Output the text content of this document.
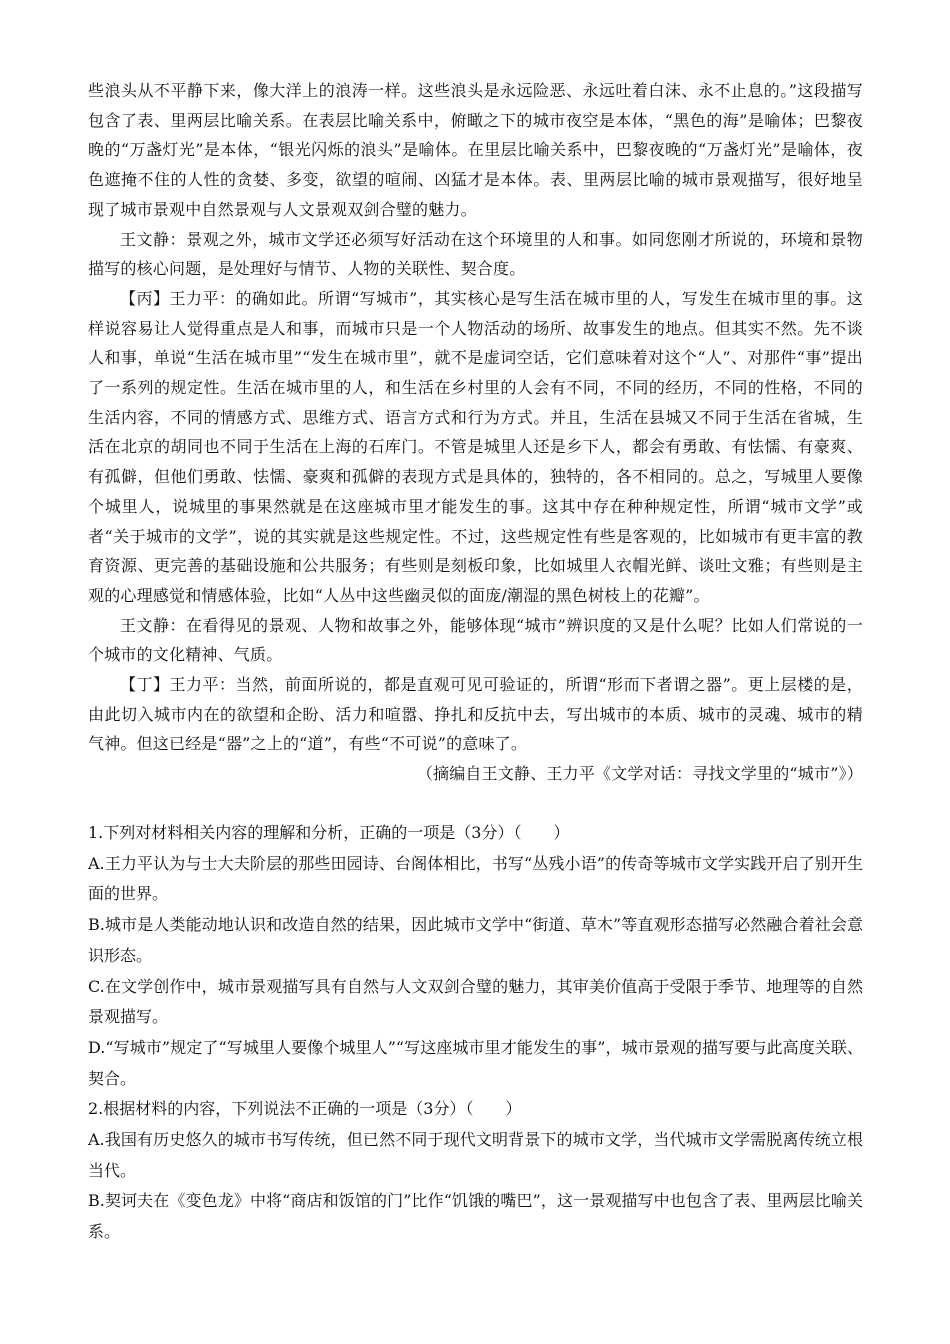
些浪头从不平静下来，像大洋上的浪涛一样。这些浪头是永远险恶、永远吐着白沫、永不止息的。”这段描写包含了表、里两层比喻关系。在表层比喻关系中，俯瞰之下的城市夜空是本体，“黑色的海”是喻体；巴黎夜晚的“万盏灯光”是本体，“银光闪烁的浪头”是喻体。在里层比喻关系中，巴黎夜晚的“万盏灯光”是喻体，夜色遮掩不住的人性的贪婪、多变，欲望的喧闹、凶猛才是本体。表、里两层比喻的城市景观描写，很好地呈现了城市景观中自然景观与人文景观双剑合璧的魅力。

王文静：景观之外，城市文学还必须写好活动在这个环境里的人和事。如同您刚才所说的，环境和景物描写的核心问题，是处理好与情节、人物的关联性、契合度。

【丙】王力平：的确如此。所谓“写城市”，其实核心是写生活在城市里的人，写发生在城市里的事。这样说容易让人觉得重点是人和事，而城市只是一个人物活动的场所、故事发生的地点。但其实不然。先不谈人和事，单说“生活在城市里”“发生在城市里”，就不是虚词空话，它们意味着对这个“人”、对那件“事”提出了一系列的规定性。生活在城市里的人，和生活在乡村里的人会有不同，不同的经历，不同的性格，不同的生活内容，不同的情感方式、思维方式、语言方式和行为方式。并且，生活在县城又不同于生活在省城，生活在北京的胡同也不同于生活在上海的石库门。不管是城里人还是乡下人，都会有勇敢、有怯懦、有豪爽、有孤僻，但他们勇敢、怯懦、豪爽和孤僻的表现方式是具体的，独特的，各不相同的。总之，写城里人要像个城里人，说城里的事果然就是在这座城市里才能发生的事。这其中存在种种规定性，所谓“城市文学”或者“关于城市的文学”，说的其实就是这些规定性。不过，这些规定性有些是客观的，比如城市有更丰富的教育资源、更完善的基础设施和公共服务；有些则是刻板印象，比如城里人衣帽光鲜、谈吐文雅；有些则是主观的心理感觉和情感体验，比如“人丛中这些幽灵似的面庞/潮湿的黑色树枝上的花瓣”。

王文静：在看得见的景观、人物和故事之外，能够体现“城市”辨识度的又是什么呢？比如人们常说的一个城市的文化精神、气质。

【丁】王力平：当然，前面所说的，都是直观可见可验证的，所谓“形而下者谓之器”。更上层楼的是，由此切入城市内在的欲望和企盼、活力和喧嚣、挣扎和反抗中去，写出城市的本质、城市的灵魂、城市的精气神。但这已经是“器”之上的“道”，有些“不可说”的意味了。

（摘编自王文静、王力平《文学对话：寻找文学里的“城市”》）

1.下列对材料相关内容的理解和分析，正确的一项是（3分）（　　）

A.王力平认为与士大夫阶层的那些田园诗、台阁体相比，书写“丛残小语”的传奇等城市文学实践开启了别开生面的世界。

B.城市是人类能动地认识和改造自然的结果，因此城市文学中“街道、草木”等直观形态描写必然融合着社会意识形态。

C.在文学创作中，城市景观描写具有自然与人文双剑合璧的魅力，其审美价值高于受限于季节、地理等的自然景观描写。

D.“写城市”规定了“写城里人要像个城里人”“写这座城市里才能发生的事”，城市景观的描写要与此高度关联、契合。

2.根据材料的内容，下列说法不正确的一项是（3分）（　　）

A.我国有历史悠久的城市书写传统，但已然不同于现代文明背景下的城市文学，当代城市文学需脱离传统立根当代。

B.契诃夫在《变色龙》中将“商店和饭馆的门”比作“饥饿的嘴巴”，这一景观描写中也包含了表、里两层比喻关系。
